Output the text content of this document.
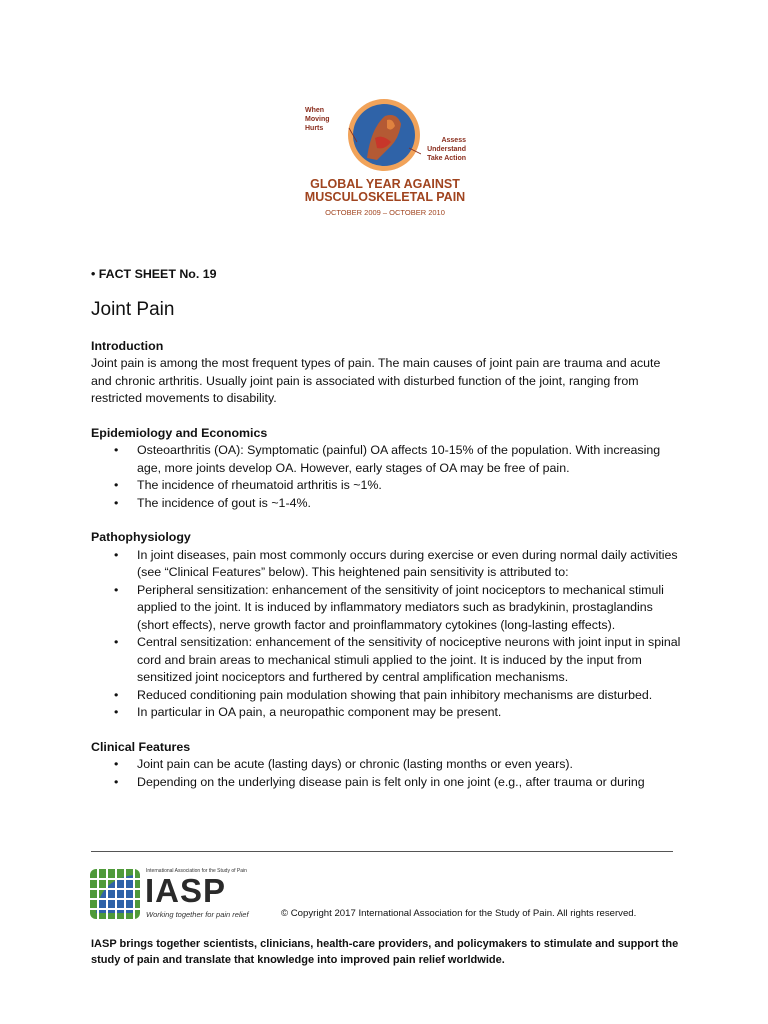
When
Moving
Hurts
Assess
Understand
Take Action
GLOBAL YEAR AGAINST
MUSCULOSKELETAL PAIN
OCTOBER 2009 – OCTOBER 2010

• FACT SHEET No. 19

Joint Pain

Introduction

Joint pain is among the most frequent types of pain. The main causes of joint pain are trauma and acute and chronic arthritis. Usually joint pain is associated with disturbed function of the joint, ranging from restricted movements to disability.

Epidemiology and Economics

• Osteoarthritis (OA): Symptomatic (painful) OA affects 10-15% of the population. With increasing age, more joints develop OA. However, early stages of OA may be free of pain.
• The incidence of rheumatoid arthritis is ~1%.
• The incidence of gout is ~1-4%.

Pathophysiology

• In joint diseases, pain most commonly occurs during exercise or even during normal daily activities (see “Clinical Features” below). This heightened pain sensitivity is attributed to:
• Peripheral sensitization: enhancement of the sensitivity of joint nociceptors to mechanical stimuli applied to the joint. It is induced by inflammatory mediators such as bradykinin, prostaglandins (short effects), nerve growth factor and proinflammatory cytokines (long-lasting effects).
• Central sensitization: enhancement of the sensitivity of nociceptive neurons with joint input in spinal cord and brain areas to mechanical stimuli applied to the joint. It is induced by the input from sensitized joint nociceptors and furthered by central amplification mechanisms.
• Reduced conditioning pain modulation showing that pain inhibitory mechanisms are disturbed.
• In particular in OA pain, a neuropathic component may be present.

Clinical Features

• Joint pain can be acute (lasting days) or chronic (lasting months or even years).
• Depending on the underlying disease pain is felt only in one joint (e.g., after trauma or during
International Association for the Study of Pain
IASP
Working together for pain relief	© Copyright 2017 International Association for the Study of Pain. All rights reserved.
IASP brings together scientists, clinicians, health-care providers, and policymakers to stimulate and support the study of pain and translate that knowledge into improved pain relief worldwide.
